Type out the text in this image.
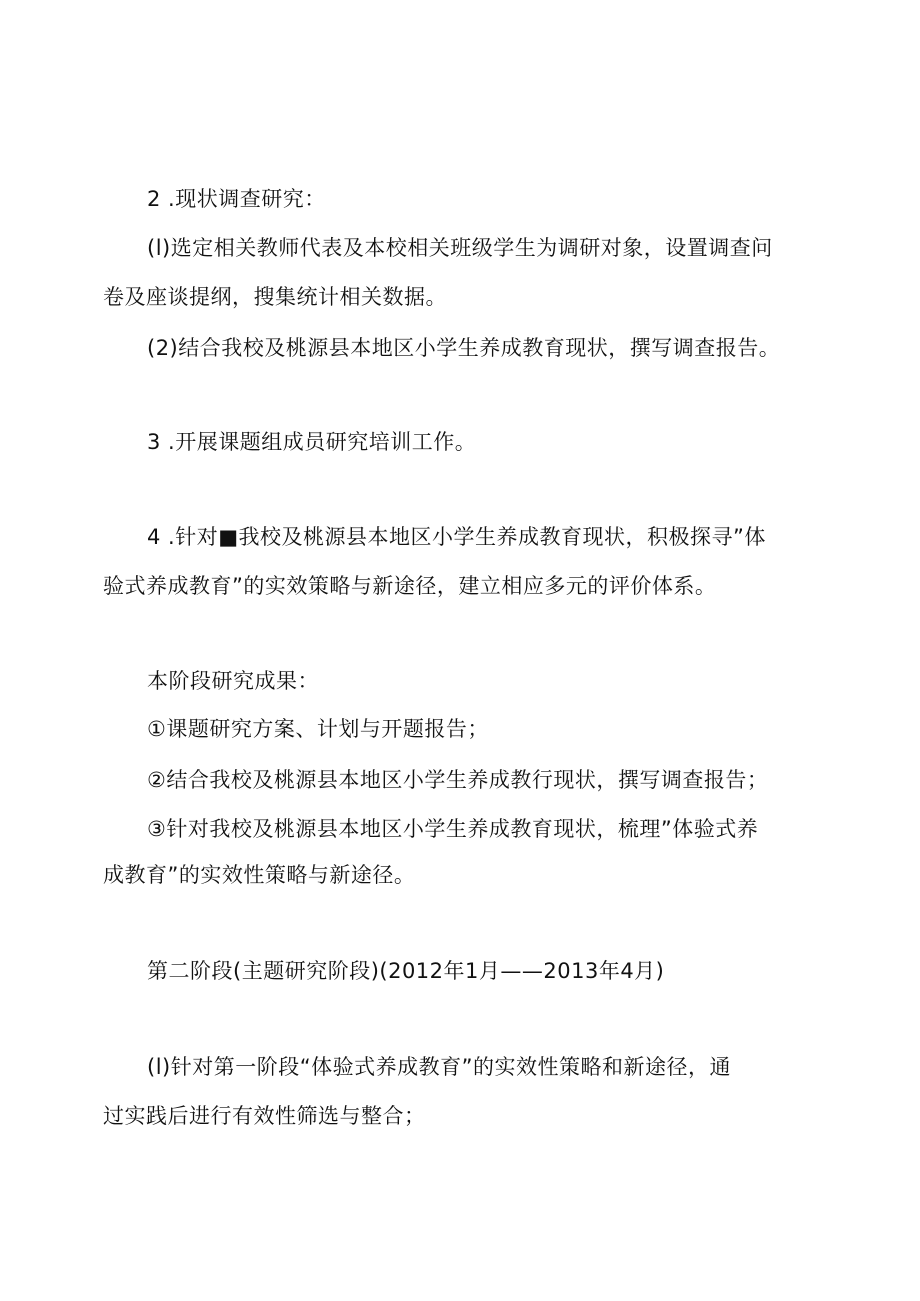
2 .现状调查研究：
(l)选定相关教师代表及本校相关班级学生为调研对象，设置调查问
卷及座谈提纲，搜集统计相关数据。
(2)结合我校及桃源县本地区小学生养成教育现状，撰写调查报告。
3 .开展课题组成员研究培训工作。
4 .针对■我校及桃源县本地区小学生养成教育现状，积极探寻”体
验式养成教育”的实效策略与新途径，建立相应多元的评价体系。
本阶段研究成果：
①课题研究方案、计划与开题报告；
②结合我校及桃源县本地区小学生养成教行现状，撰写调查报告；
③针对我校及桃源县本地区小学生养成教育现状，梳理”体验式养
成教育”的实效性策略与新途径。
第二阶段(主题研究阶段)(2012年1月——2013年4月)
(l)针对第一阶段“体验式养成教育”的实效性策略和新途径，通
过实践后进行有效性筛选与整合；
